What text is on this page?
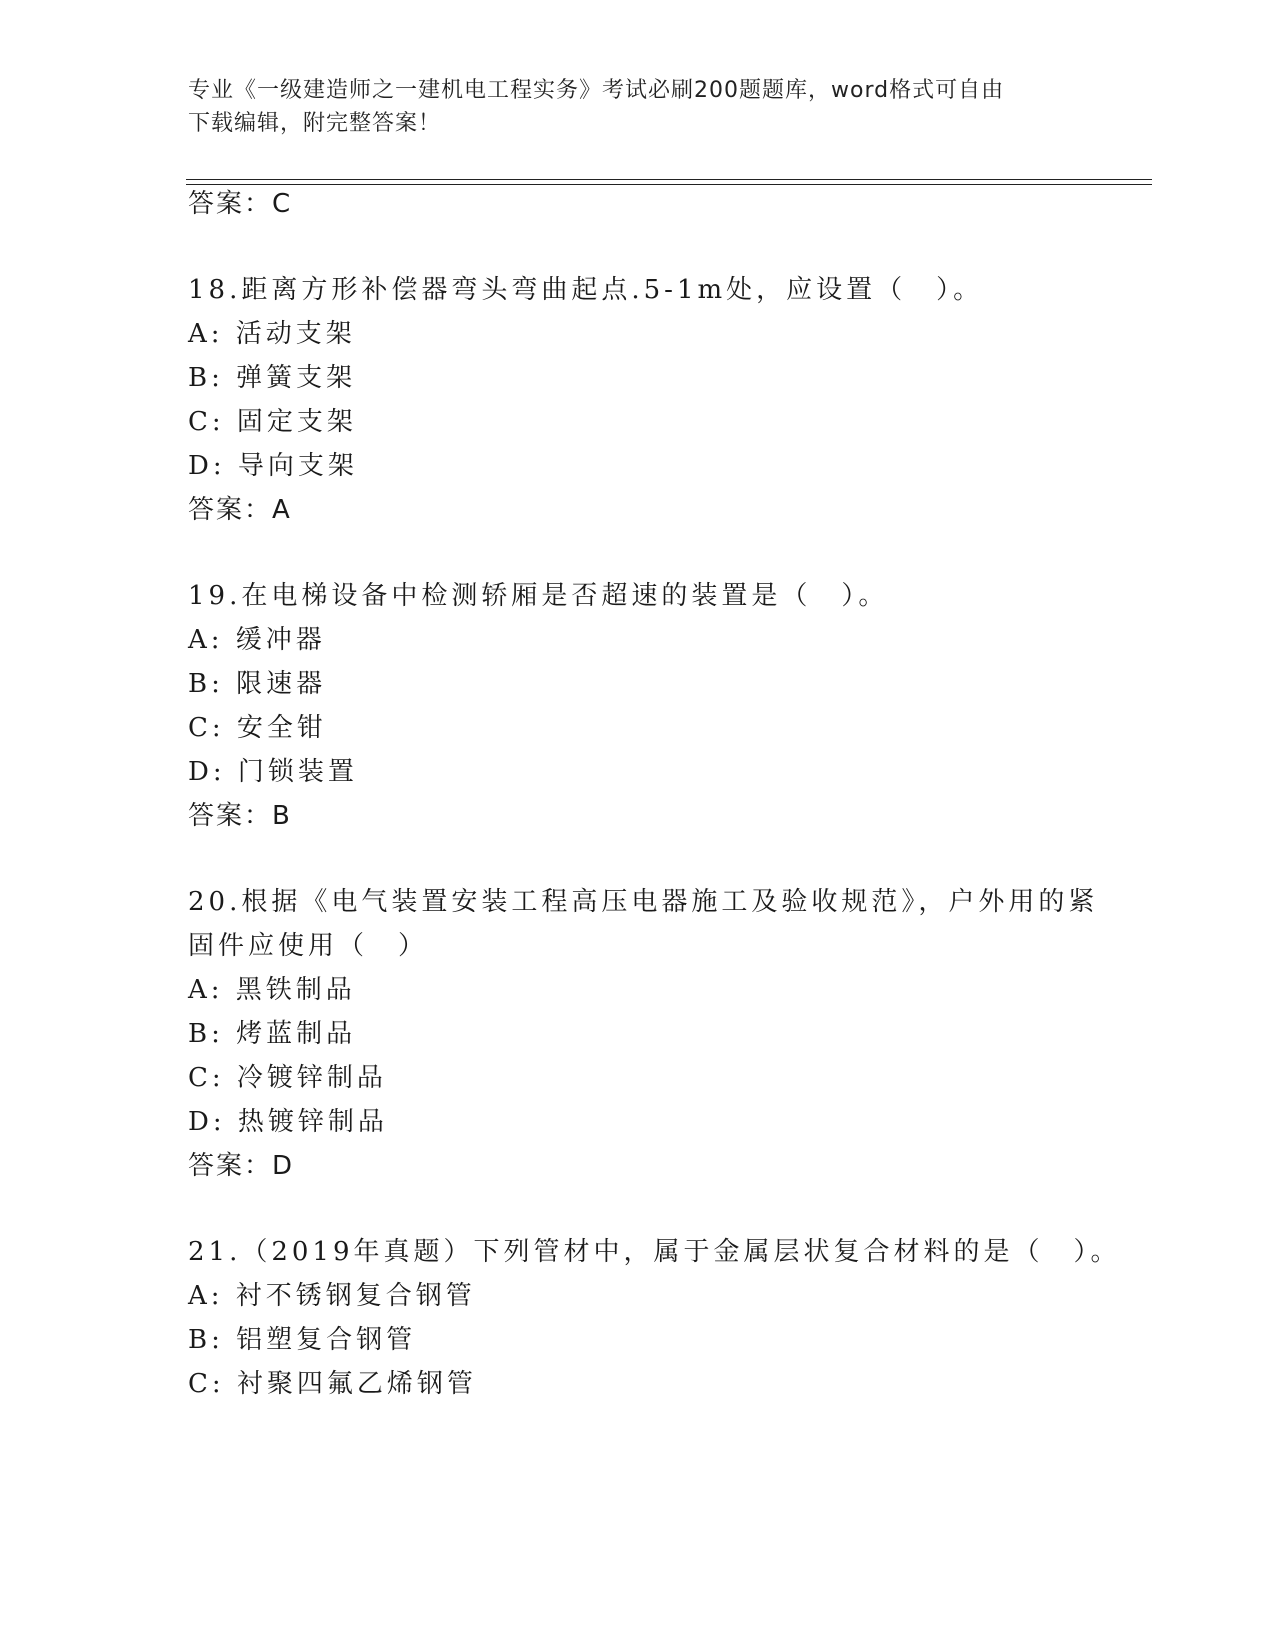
专业《一级建造师之一建机电工程实务》考试必刷200题题库，word格式可自由
下载编辑，附完整答案！
答案：C
18.距离方形补偿器弯头弯曲起点.5-1m处，应设置（　）。
A: 活动支架
B: 弹簧支架
C: 固定支架
D: 导向支架
答案：A
19.在电梯设备中检测轿厢是否超速的装置是（　）。
A: 缓冲器
B: 限速器
C: 安全钳
D: 门锁装置
答案：B
20.根据《电气装置安装工程高压电器施工及验收规范》，户外用的紧
固件应使用（　）
A: 黑铁制品
B: 烤蓝制品
C: 冷镀锌制品
D: 热镀锌制品
答案：D
21.（2019年真题）下列管材中，属于金属层状复合材料的是（　）。
A: 衬不锈钢复合钢管
B: 铝塑复合钢管
C: 衬聚四氟乙烯钢管
